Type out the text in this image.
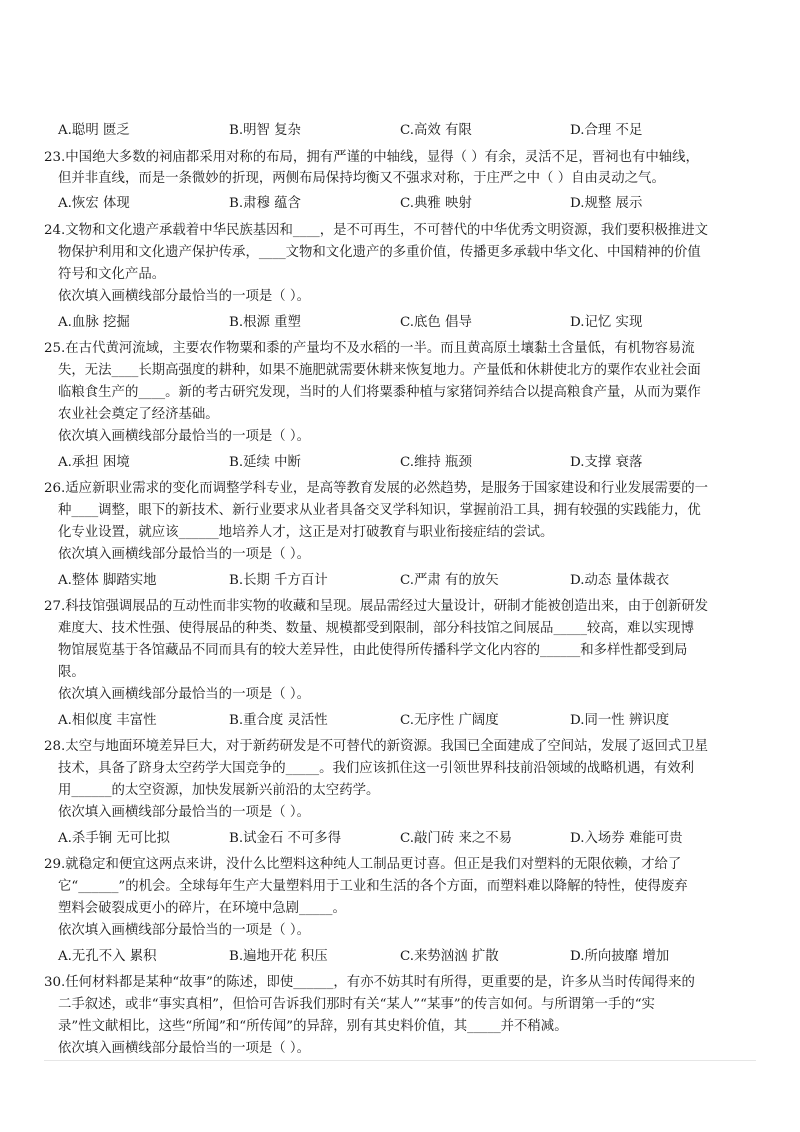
A.聪明 匮乏	B.明智 复杂	C.高效 有限	D.合理 不足
23.中国绝大多数的祠庙都采用对称的布局，拥有严谨的中轴线，显得（ ）有余，灵活不足，晋祠也有中轴线，
但并非直线，而是一条微妙的折现，两侧布局保持均衡又不强求对称，于庄严之中（ ）自由灵动之气。
A.恢宏 体现	B.肃穆 蕴含	C.典雅 映射	D.规整 展示
24.文物和文化遗产承载着中华民族基因和____，是不可再生，不可替代的中华优秀文明资源，我们要积极推进文
物保护利用和文化遗产保护传承，____文物和文化遗产的多重价值，传播更多承载中华文化、中国精神的价值
符号和文化产品。
依次填入画横线部分最恰当的一项是（ ）。
A.血脉 挖掘	B.根源 重塑	C.底色 倡导	D.记忆 实现
25.在古代黄河流域，主要农作物粟和黍的产量均不及水稻的一半。而且黄高原土壤黏土含量低，有机物容易流
失，无法____长期高强度的耕种，如果不施肥就需要休耕来恢复地力。产量低和休耕使北方的粟作农业社会面
临粮食生产的____。新的考古研究发现，当时的人们将粟黍种植与家猪饲养结合以提高粮食产量，从而为粟作
农业社会奠定了经济基础。
依次填入画横线部分最恰当的一项是（ ）。
A.承担 困境	B.延续 中断	C.维持 瓶颈	D.支撑 衰落
26.适应新职业需求的变化而调整学科专业，是高等教育发展的必然趋势，是服务于国家建设和行业发展需要的一
种____调整，眼下的新技术、新行业要求从业者具备交叉学科知识，掌握前沿工具，拥有较强的实践能力，优
化专业设置，就应该______地培养人才，这正是对打破教育与职业衔接症结的尝试。
依次填入画横线部分最恰当的一项是（ ）。
A.整体 脚踏实地	B.长期 千方百计	C.严肃 有的放矢	D.动态 量体裁衣
27.科技馆强调展品的互动性而非实物的收藏和呈现。展品需经过大量设计，研制才能被创造出来，由于创新研发
难度大、技术性强、使得展品的种类、数量、规模都受到限制，部分科技馆之间展品_____较高，难以实现博
物馆展览基于各馆藏品不同而具有的较大差异性，由此使得所传播科学文化内容的______和多样性都受到局
限。
依次填入画横线部分最恰当的一项是（ ）。
A.相似度 丰富性	B.重合度 灵活性	C.无序性 广阔度	D.同一性 辨识度
28.太空与地面环境差异巨大，对于新药研发是不可替代的新资源。我国已全面建成了空间站，发展了返回式卫星
技术，具备了跻身太空药学大国竞争的_____。我们应该抓住这一引领世界科技前沿领域的战略机遇，有效利
用______的太空资源，加快发展新兴前沿的太空药学。
依次填入画横线部分最恰当的一项是（ ）。
A.杀手锏 无可比拟	B.试金石 不可多得	C.敲门砖 来之不易	D.入场券 难能可贵
29.就稳定和便宜这两点来讲，没什么比塑料这种纯人工制品更讨喜。但正是我们对塑料的无限依赖，才给了
它“______”的机会。全球每年生产大量塑料用于工业和生活的各个方面，而塑料难以降解的特性，使得废弃
塑料会破裂成更小的碎片，在环境中急剧_____。
依次填入画横线部分最恰当的一项是（ ）。
A.无孔不入 累积	B.遍地开花 积压	C.来势汹汹 扩散	D.所向披靡 增加
30.任何材料都是某种“故事”的陈述，即使______，有亦不妨其时有所得，更重要的是，许多从当时传闻得来的
二手叙述，或非“事实真相”，但恰可告诉我们那时有关“某人”“某事”的传言如何。与所谓第一手的“实
录”性文献相比，这些“所闻”和“所传闻”的异辞，别有其史料价值，其_____并不稍减。
依次填入画横线部分最恰当的一项是（ ）。
